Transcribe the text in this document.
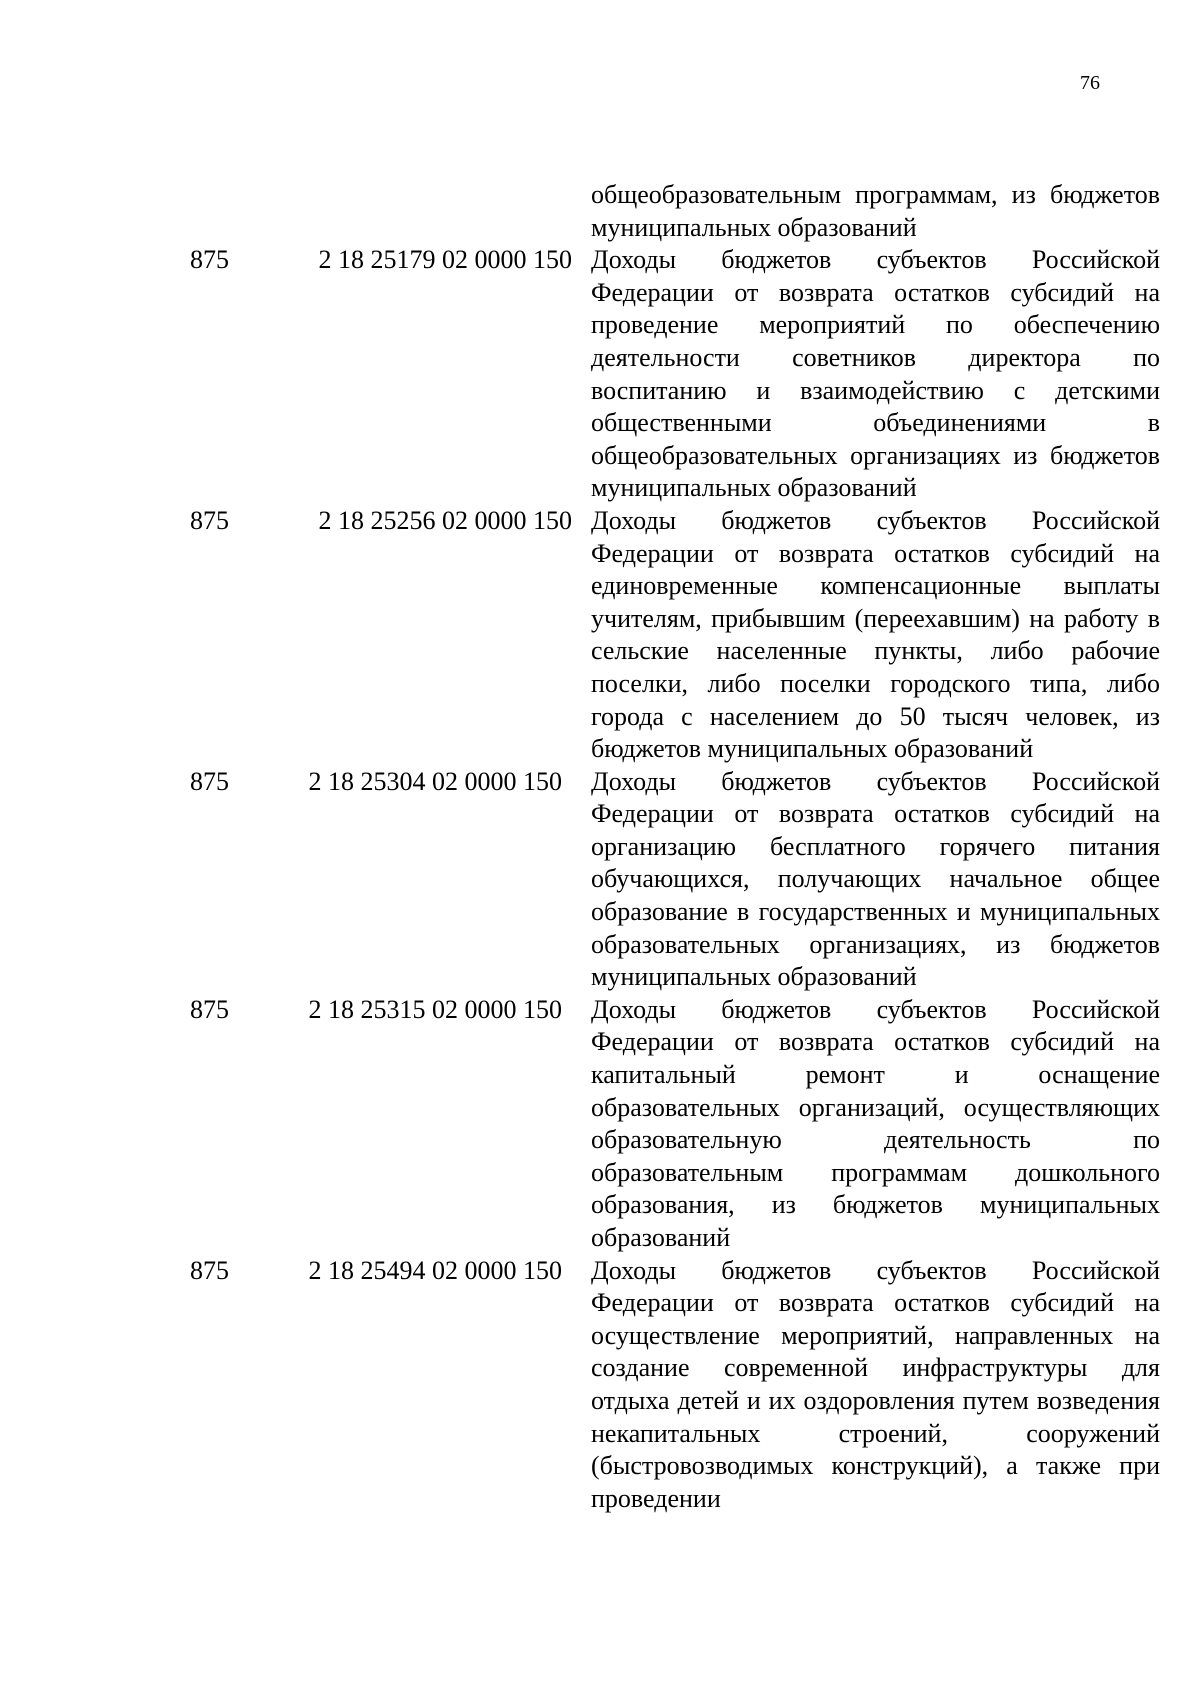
76
общеобразовательным программам, из бюджетов муниципальных образований
875	2 18 25179 02 0000 150 Доходы бюджетов субъектов Российской Федерации от возврата остатков субсидий на проведение мероприятий по обеспечению деятельности советников директора по воспитанию и взаимодействию с детскими общественными объединениями в общеобразовательных организациях из бюджетов муниципальных образований
875	2 18 25256 02 0000 150 Доходы бюджетов субъектов Российской Федерации от возврата остатков субсидий на единовременные компенсационные выплаты учителям, прибывшим (переехавшим) на работу в сельские населенные пункты, либо рабочие поселки, либо поселки городского типа, либо города с населением до 50 тысяч человек, из бюджетов муниципальных образований
875	2 18 25304 02 0000 150 Доходы бюджетов субъектов Российской Федерации от возврата остатков субсидий на организацию бесплатного горячего питания обучающихся, получающих начальное общее образование в государственных и муниципальных образовательных организациях, из бюджетов муниципальных образований
875	2 18 25315 02 0000 150 Доходы бюджетов субъектов Российской Федерации от возврата остатков субсидий на капитальный ремонт и оснащение образовательных организаций, осуществляющих образовательную деятельность по образовательным программам дошкольного образования, из бюджетов муниципальных образований
875	2 18 25494 02 0000 150 Доходы бюджетов субъектов Российской Федерации от возврата остатков субсидий на осуществление мероприятий, направленных на создание современной инфраструктуры для отдыха детей и их оздоровления путем возведения некапитальных строений, сооружений (быстровозводимых конструкций), а также при проведении
